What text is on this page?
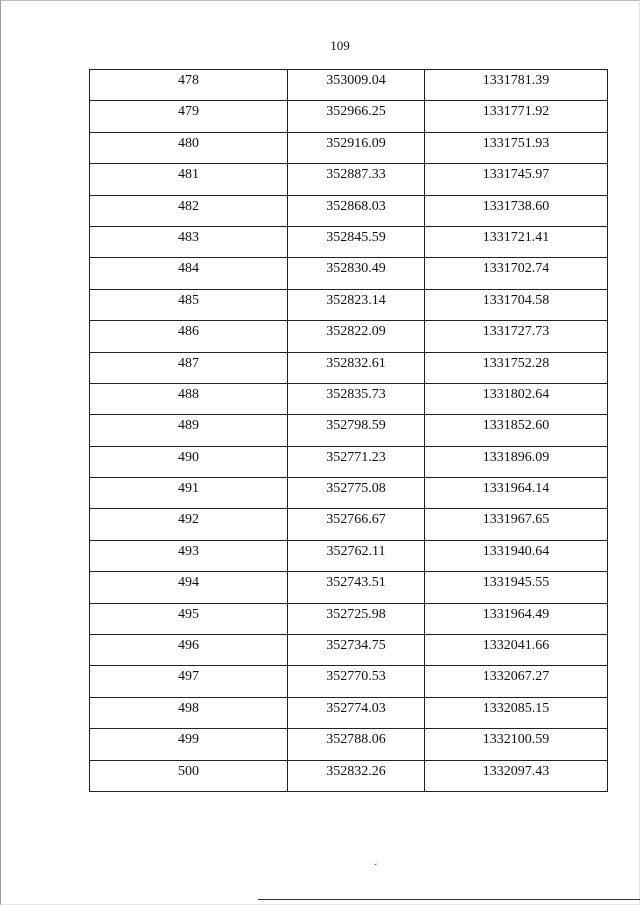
109
478	353009.04	1331781.39
479	352966.25	1331771.92
480	352916.09	1331751.93
481	352887.33	1331745.97
482	352868.03	1331738.60
483	352845.59	1331721.41
484	352830.49	1331702.74
485	352823.14	1331704.58
486	352822.09	1331727.73
487	352832.61	1331752.28
488	352835.73	1331802.64
489	352798.59	1331852.60
490	352771.23	1331896.09
491	352775.08	1331964.14
492	352766.67	1331967.65
493	352762.11	1331940.64
494	352743.51	1331945.55
495	352725.98	1331964.49
496	352734.75	1332041.66
497	352770.53	1332067.27
498	352774.03	1332085.15
499	352788.06	1332100.59
500	352832.26	1332097.43
ˇ
